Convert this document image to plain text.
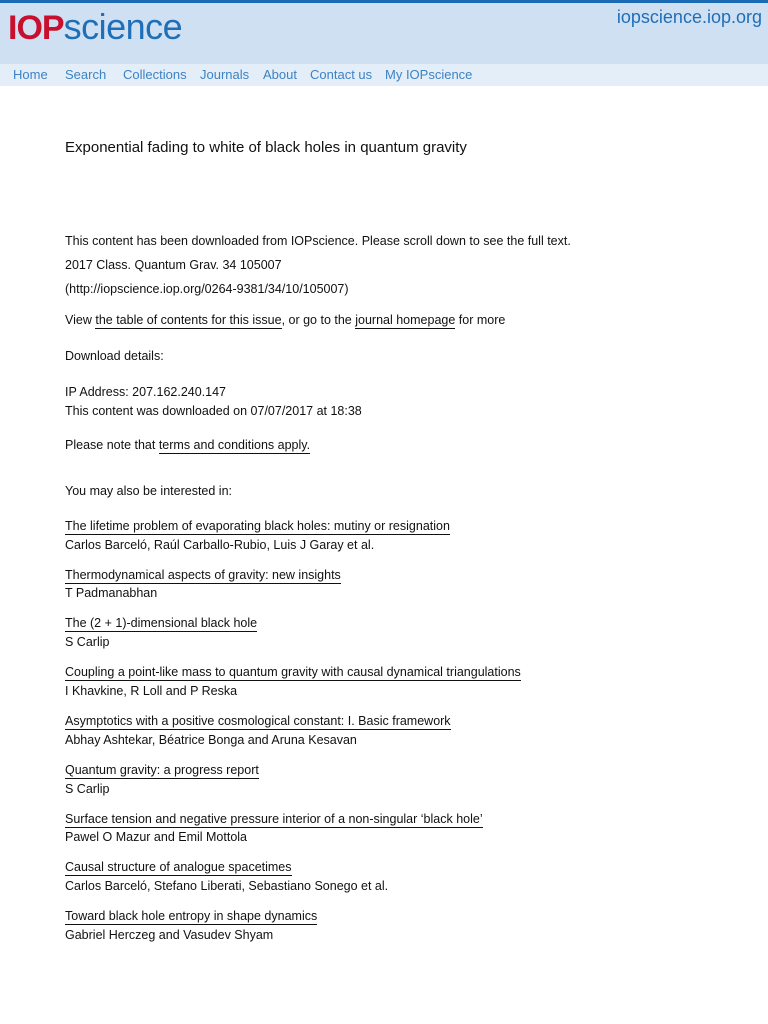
IOPscience	iopscience.iop.org
Home Search Collections Journals About Contact us My IOPscience
Exponential fading to white of black holes in quantum gravity
This content has been downloaded from IOPscience. Please scroll down to see the full text.
2017 Class. Quantum Grav. 34 105007
(http://iopscience.iop.org/0264-9381/34/10/105007)
View the table of contents for this issue, or go to the journal homepage for more
Download details:
IP Address: 207.162.240.147
This content was downloaded on 07/07/2017 at 18:38
Please note that terms and conditions apply.
You may also be interested in:
The lifetime problem of evaporating black holes: mutiny or resignation
Carlos Barceló, Raúl Carballo-Rubio, Luis J Garay et al.
Thermodynamical aspects of gravity: new insights
T Padmanabhan
The (2 + 1)-dimensional black hole
S Carlip
Coupling a point-like mass to quantum gravity with causal dynamical triangulations
I Khavkine, R Loll and P Reska
Asymptotics with a positive cosmological constant: I. Basic framework
Abhay Ashtekar, Béatrice Bonga and Aruna Kesavan
Quantum gravity: a progress report
S Carlip
Surface tension and negative pressure interior of a non-singular ‘black hole’
Pawel O Mazur and Emil Mottola
Causal structure of analogue spacetimes
Carlos Barceló, Stefano Liberati, Sebastiano Sonego et al.
Toward black hole entropy in shape dynamics
Gabriel Herczeg and Vasudev Shyam
